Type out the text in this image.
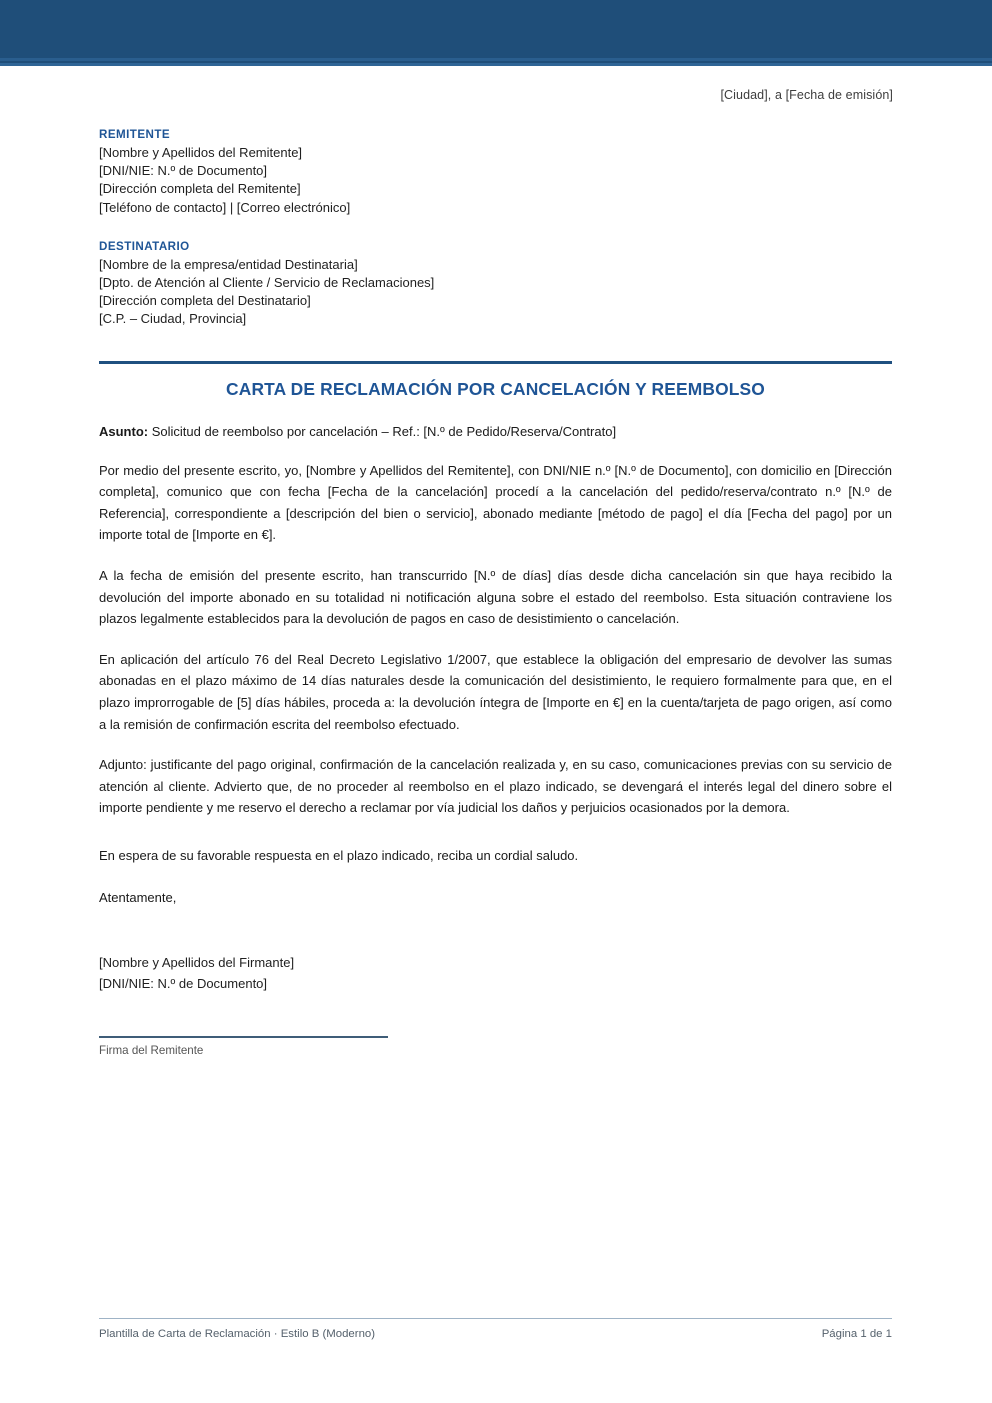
[Ciudad], a [Fecha de emisión]
REMITENTE
[Nombre y Apellidos del Remitente]
[DNI/NIE: N.º de Documento]
[Dirección completa del Remitente]
[Teléfono de contacto] | [Correo electrónico]
DESTINATARIO
[Nombre de la empresa/entidad Destinataria]
[Dpto. de Atención al Cliente / Servicio de Reclamaciones]
[Dirección completa del Destinatario]
[C.P. – Ciudad, Provincia]
CARTA DE RECLAMACIÓN POR CANCELACIÓN Y REEMBOLSO
Asunto: Solicitud de reembolso por cancelación – Ref.: [N.º de Pedido/Reserva/Contrato]
Por medio del presente escrito, yo, [Nombre y Apellidos del Remitente], con DNI/NIE n.º [N.º de Documento], con domicilio en [Dirección completa], comunico que con fecha [Fecha de la cancelación] procedí a la cancelación del pedido/reserva/contrato n.º [N.º de Referencia], correspondiente a [descripción del bien o servicio], abonado mediante [método de pago] el día [Fecha del pago] por un importe total de [Importe en €].
A la fecha de emisión del presente escrito, han transcurrido [N.º de días] días desde dicha cancelación sin que haya recibido la devolución del importe abonado en su totalidad ni notificación alguna sobre el estado del reembolso. Esta situación contraviene los plazos legalmente establecidos para la devolución de pagos en caso de desistimiento o cancelación.
En aplicación del artículo 76 del Real Decreto Legislativo 1/2007, que establece la obligación del empresario de devolver las sumas abonadas en el plazo máximo de 14 días naturales desde la comunicación del desistimiento, le requiero formalmente para que, en el plazo improrrogable de [5] días hábiles, proceda a: la devolución íntegra de [Importe en €] en la cuenta/tarjeta de pago origen, así como a la remisión de confirmación escrita del reembolso efectuado.
Adjunto: justificante del pago original, confirmación de la cancelación realizada y, en su caso, comunicaciones previas con su servicio de atención al cliente. Advierto que, de no proceder al reembolso en el plazo indicado, se devengará el interés legal del dinero sobre el importe pendiente y me reservo el derecho a reclamar por vía judicial los daños y perjuicios ocasionados por la demora.
En espera de su favorable respuesta en el plazo indicado, reciba un cordial saludo.
Atentamente,
[Nombre y Apellidos del Firmante]
[DNI/NIE: N.º de Documento]
Firma del Remitente
Plantilla de Carta de Reclamación · Estilo B (Moderno)	Página 1 de 1
